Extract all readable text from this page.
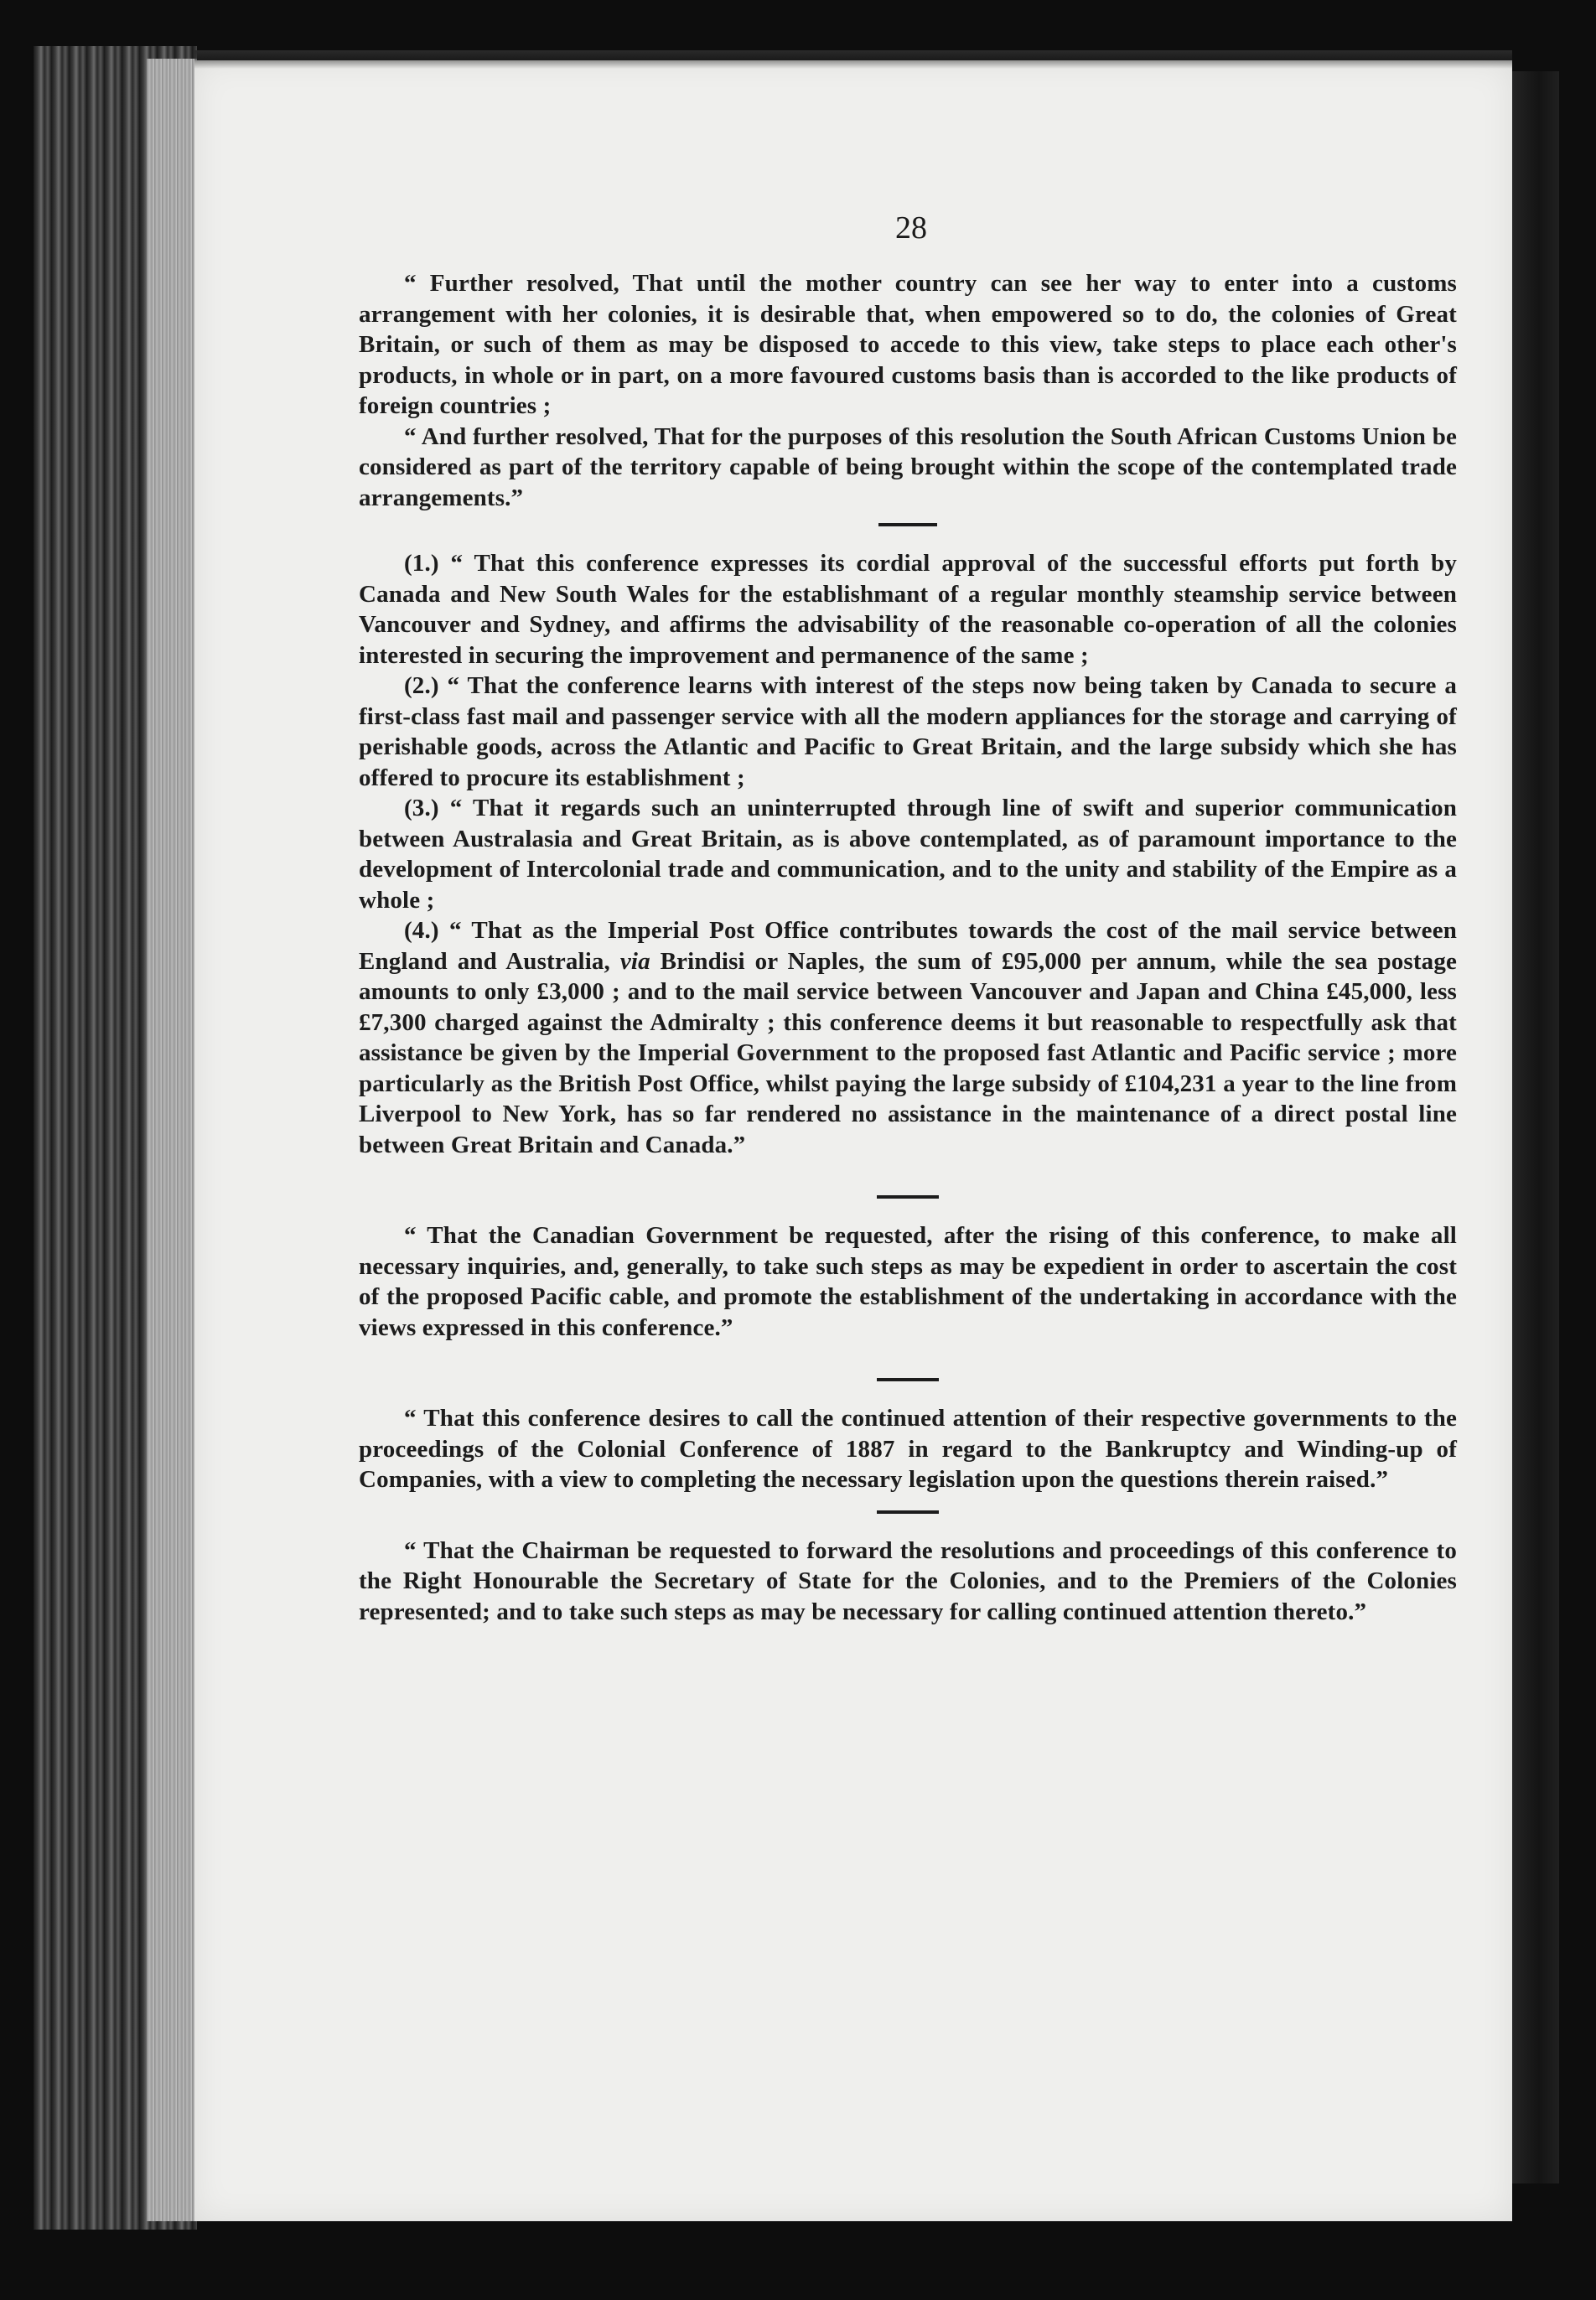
28

“ Further resolved, That until the mother country can see her way to enter into a customs arrangement with her colonies, it is desirable that, when empowered so to do, the colonies of Great Britain, or such of them as may be disposed to accede to this view, take steps to place each other's products, in whole or in part, on a more favoured customs basis than is accorded to the like products of foreign countries ;

“ And further resolved, That for the purposes of this resolution the South African Customs Union be considered as part of the territory capable of being brought within the scope of the contemplated trade arrangements.”

(1.) “ That this conference expresses its cordial approval of the successful efforts put forth by Canada and New South Wales for the establishmant of a regular monthly steamship service between Vancouver and Sydney, and affirms the advisability of the reasonable co-operation of all the colonies interested in securing the improvement and permanence of the same ;

(2.) “ That the conference learns with interest of the steps now being taken by Canada to secure a first-class fast mail and passenger service with all the modern appliances for the storage and carrying of perishable goods, across the Atlantic and Pacific to Great Britain, and the large subsidy which she has offered to procure its establishment ;

(3.) “ That it regards such an uninterrupted through line of swift and superior communication between Australasia and Great Britain, as is above contemplated, as of paramount importance to the development of Intercolonial trade and communication, and to the unity and stability of the Empire as a whole ;

(4.) “ That as the Imperial Post Office contributes towards the cost of the mail service between England and Australia, via Brindisi or Naples, the sum of £95,000 per annum, while the sea postage amounts to only £3,000 ; and to the mail service between Vancouver and Japan and China £45,000, less £7,300 charged against the Admiralty ; this conference deems it but reasonable to respectfully ask that assistance be given by the Imperial Government to the proposed fast Atlantic and Pacific service ; more particularly as the British Post Office, whilst paying the large subsidy of £104,231 a year to the line from Liverpool to New York, has so far rendered no assistance in the maintenance of a direct postal line between Great Britain and Canada.”

“ That the Canadian Government be requested, after the rising of this conference, to make all necessary inquiries, and, generally, to take such steps as may be expedient in order to ascertain the cost of the proposed Pacific cable, and promote the establishment of the undertaking in accordance with the views expressed in this conference.”

“ That this conference desires to call the continued attention of their respective governments to the proceedings of the Colonial Conference of 1887 in regard to the Bankruptcy and Winding-up of Companies, with a view to completing the necessary legislation upon the questions therein raised.”

“ That the Chairman be requested to forward the resolutions and proceedings of this conference to the Right Honourable the Secretary of State for the Colonies, and to the Premiers of the Colonies represented; and to take such steps as may be necessary for calling continued attention thereto.”
